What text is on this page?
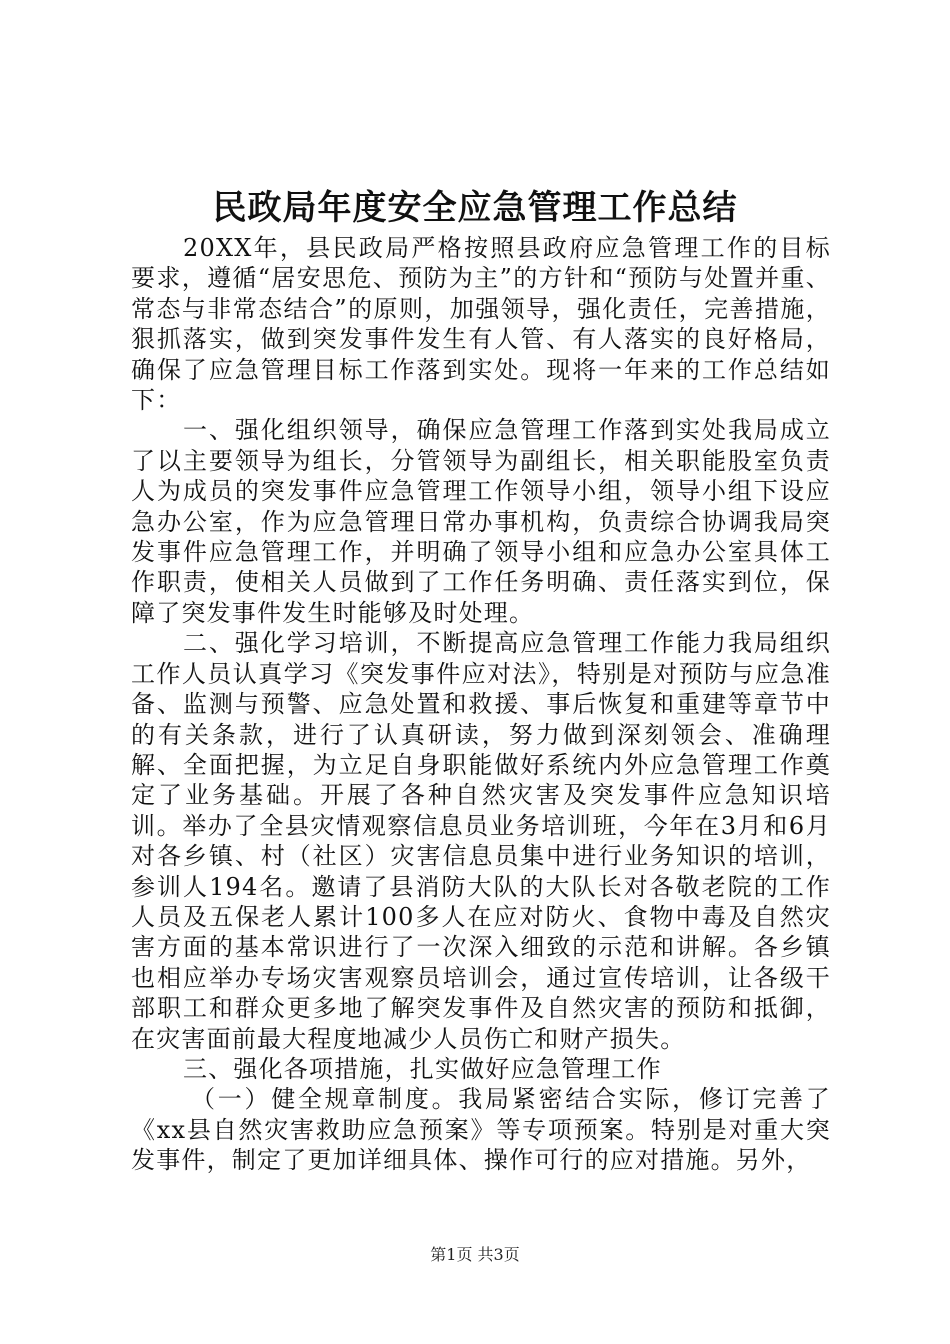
民政局年度安全应急管理工作总结

20XX年，县民政局严格按照县政府应急管理工作的目标要求，遵循“居安思危、预防为主”的方针和“预防与处置并重、常态与非常态结合”的原则，加强领导，强化责任，完善措施，狠抓落实，做到突发事件发生有人管、有人落实的良好格局，确保了应急管理目标工作落到实处。现将一年来的工作总结如下：

一、强化组织领导，确保应急管理工作落到实处我局成立了以主要领导为组长，分管领导为副组长，相关职能股室负责人为成员的突发事件应急管理工作领导小组，领导小组下设应急办公室，作为应急管理日常办事机构，负责综合协调我局突发事件应急管理工作，并明确了领导小组和应急办公室具体工作职责，使相关人员做到了工作任务明确、责任落实到位，保障了突发事件发生时能够及时处理。

二、强化学习培训，不断提高应急管理工作能力我局组织工作人员认真学习《突发事件应对法》，特别是对预防与应急准备、监测与预警、应急处置和救援、事后恢复和重建等章节中的有关条款，进行了认真研读，努力做到深刻领会、准确理解、全面把握，为立足自身职能做好系统内外应急管理工作奠定了业务基础。开展了各种自然灾害及突发事件应急知识培训。举办了全县灾情观察信息员业务培训班，今年在3月和6月对各乡镇、村（社区）灾害信息员集中进行业务知识的培训，参训人194名。邀请了县消防大队的大队长对各敬老院的工作人员及五保老人累计100多人在应对防火、食物中毒及自然灾害方面的基本常识进行了一次深入细致的示范和讲解。各乡镇也相应举办专场灾害观察员培训会，通过宣传培训，让各级干部职工和群众更多地了解突发事件及自然灾害的预防和抵御，在灾害面前最大程度地减少人员伤亡和财产损失。

三、强化各项措施，扎实做好应急管理工作

（一）健全规章制度。我局紧密结合实际，修订完善了《xx县自然灾害救助应急预案》等专项预案。特别是对重大突发事件，制定了更加详细具体、操作可行的应对措施。另外，

第1页 共3页
